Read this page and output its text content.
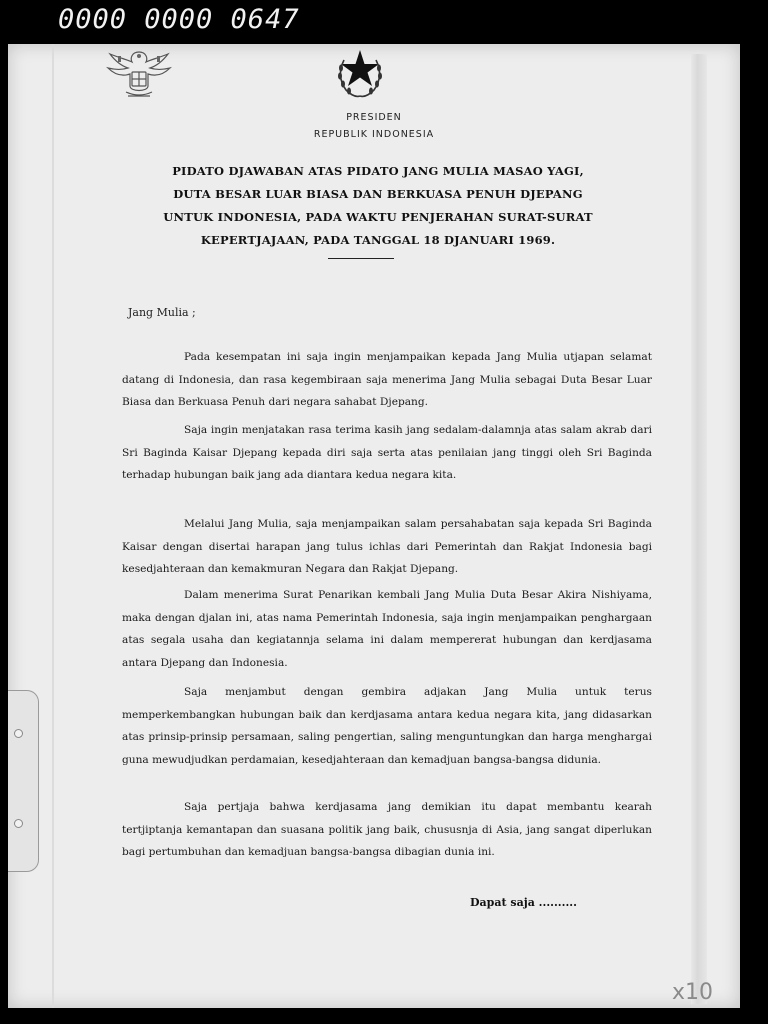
0000 0000 0647
PRESIDEN
REPUBLIK INDONESIA
PIDATO DJAWABAN ATAS PIDATO JANG MULIA MASAO YAGI,
DUTA BESAR LUAR BIASA DAN BERKUASA PENUH DJEPANG
UNTUK INDONESIA, PADA WAKTU PENJERAHAN SURAT-SURAT
KEPERTJAJAAN, PADA TANGGAL 18 DJANUARI 1969.
Jang Mulia ;

Pada kesempatan ini saja ingin menjampaikan kepada Jang Mulia utjapan selamat datang di Indonesia, dan rasa kegembiraan saja menerima Jang Mulia sebagai Duta Besar Luar Biasa dan Berkuasa Penuh dari negara sahabat Djepang.

Saja ingin menjatakan rasa terima kasih jang sedalam-dalamnja atas salam akrab dari Sri Baginda Kaisar Djepang kepada diri saja serta atas penilaian jang tinggi oleh Sri Baginda terhadap hubungan baik jang ada diantara kedua negara kita.

Melalui Jang Mulia, saja menjampaikan salam persahabatan saja kepada Sri Baginda Kaisar dengan disertai harapan jang tulus ichlas dari Pemerintah dan Rakjat Indonesia bagi kesedjahteraan dan kemakmuran Negara dan Rakjat Djepang.

Dalam menerima Surat Penarikan kembali Jang Mulia Duta Besar Akira Nishiyama, maka dengan djalan ini, atas nama Pemerintah Indonesia, saja ingin menjampaikan penghargaan atas segala usaha dan kegiatannja selama ini dalam mempererat hubungan dan kerdjasama antara Djepang dan Indonesia.

Saja menjambut dengan gembira adjakan Jang Mulia untuk terus memperkembangkan hubungan baik dan kerdjasama antara kedua negara kita, jang didasarkan atas prinsip-prinsip persamaan, saling pengertian, saling menguntungkan dan harga menghargai guna mewudjudkan perdamaian, kesedjahteraan dan kemadjuan bangsa-bangsa didunia.

Saja pertjaja bahwa kerdjasama jang demikian itu dapat membantu kearah tertjiptanja kemantapan dan suasana politik jang baik, chususnja di Asia, jang sangat diperlukan bagi pertumbuhan dan kemadjuan bangsa-bangsa dibagian dunia ini.

Dapat saja ..........
x10
